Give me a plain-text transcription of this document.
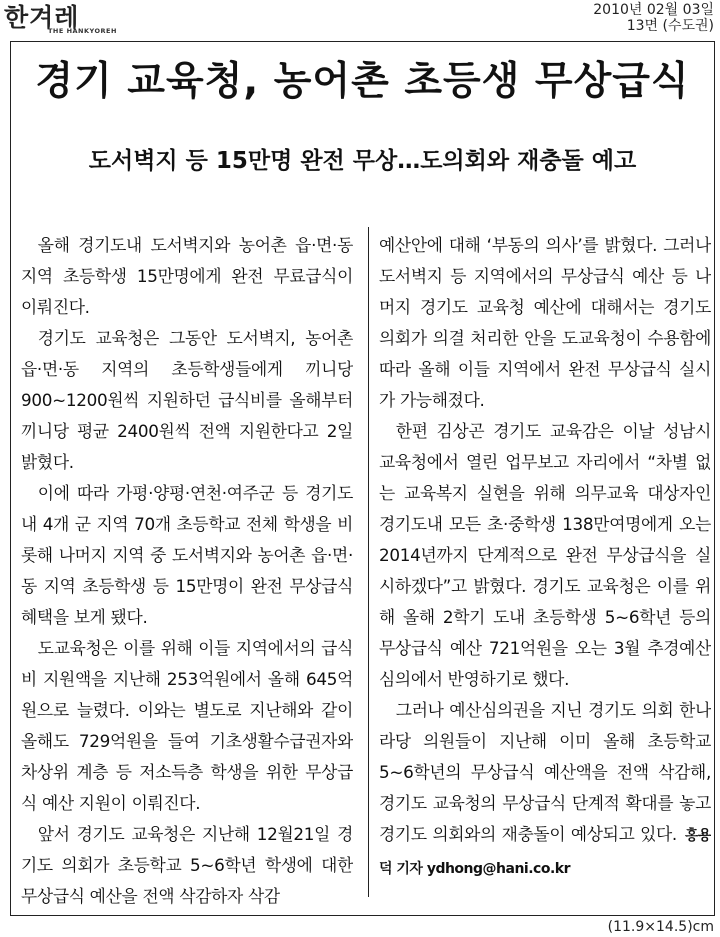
한겨레
THE HANKYOREH
2010년 02월 03일
13면 (수도권)
경기 교육청, 농어촌 초등생 무상급식
도서벽지 등 15만명 완전 무상…도의회와 재충돌 예고
올해 경기도내 도서벽지와 농어촌 읍·면·동지역 초등학생 15만명에게 완전 무료급식이 이뤄진다.
경기도 교육청은 그동안 도서벽지, 농어촌 읍·면·동 지역의 초등학생들에게 끼니당 900~1200원씩 지원하던 급식비를 올해부터 끼니당 평균 2400원씩 전액 지원한다고 2일 밝혔다.
이에 따라 가평·양평·연천·여주군 등 경기도내 4개 군 지역 70개 초등학교 전체 학생을 비롯해 나머지 지역 중 도서벽지와 농어촌 읍·면·동 지역 초등학생 등 15만명이 완전 무상급식 혜택을 보게 됐다.
도교육청은 이를 위해 이들 지역에서의 급식비 지원액을 지난해 253억원에서 올해 645억원으로 늘렸다. 이와는 별도로 지난해와 같이 올해도 729억원을 들여 기초생활수급권자와 차상위 계층 등 저소득층 학생을 위한 무상급식 예산 지원이 이뤄진다.
앞서 경기도 교육청은 지난해 12월21일 경기도 의회가 초등학교 5~6학년 학생에 대한 무상급식 예산을 전액 삭감하자 삭감
예산안에 대해 ‘부동의 의사’를 밝혔다. 그러나 도서벽지 등 지역에서의 무상급식 예산 등 나머지 경기도 교육청 예산에 대해서는 경기도 의회가 의결 처리한 안을 도교육청이 수용함에 따라 올해 이들 지역에서 완전 무상급식 실시가 가능해졌다.
한편 김상곤 경기도 교육감은 이날 성남시 교육청에서 열린 업무보고 자리에서 “차별 없는 교육복지 실현을 위해 의무교육 대상자인 경기도내 모든 초·중학생 138만여명에게 오는 2014년까지 단계적으로 완전 무상급식을 실시하겠다”고 밝혔다. 경기도 교육청은 이를 위해 올해 2학기 도내 초등학생 5~6학년 등의 무상급식 예산 721억원을 오는 3월 추경예산심의에서 반영하기로 했다.
그러나 예산심의권을 지닌 경기도 의회 한나라당 의원들이 지난해 이미 올해 초등학교 5~6학년의 무상급식 예산액을 전액 삭감해, 경기도 교육청의 무상급식 단계적 확대를 놓고 경기도 의회와의 재충돌이 예상되고 있다. 홍용덕 기자 ydhong@hani.co.kr
(11.9×14.5)cm
